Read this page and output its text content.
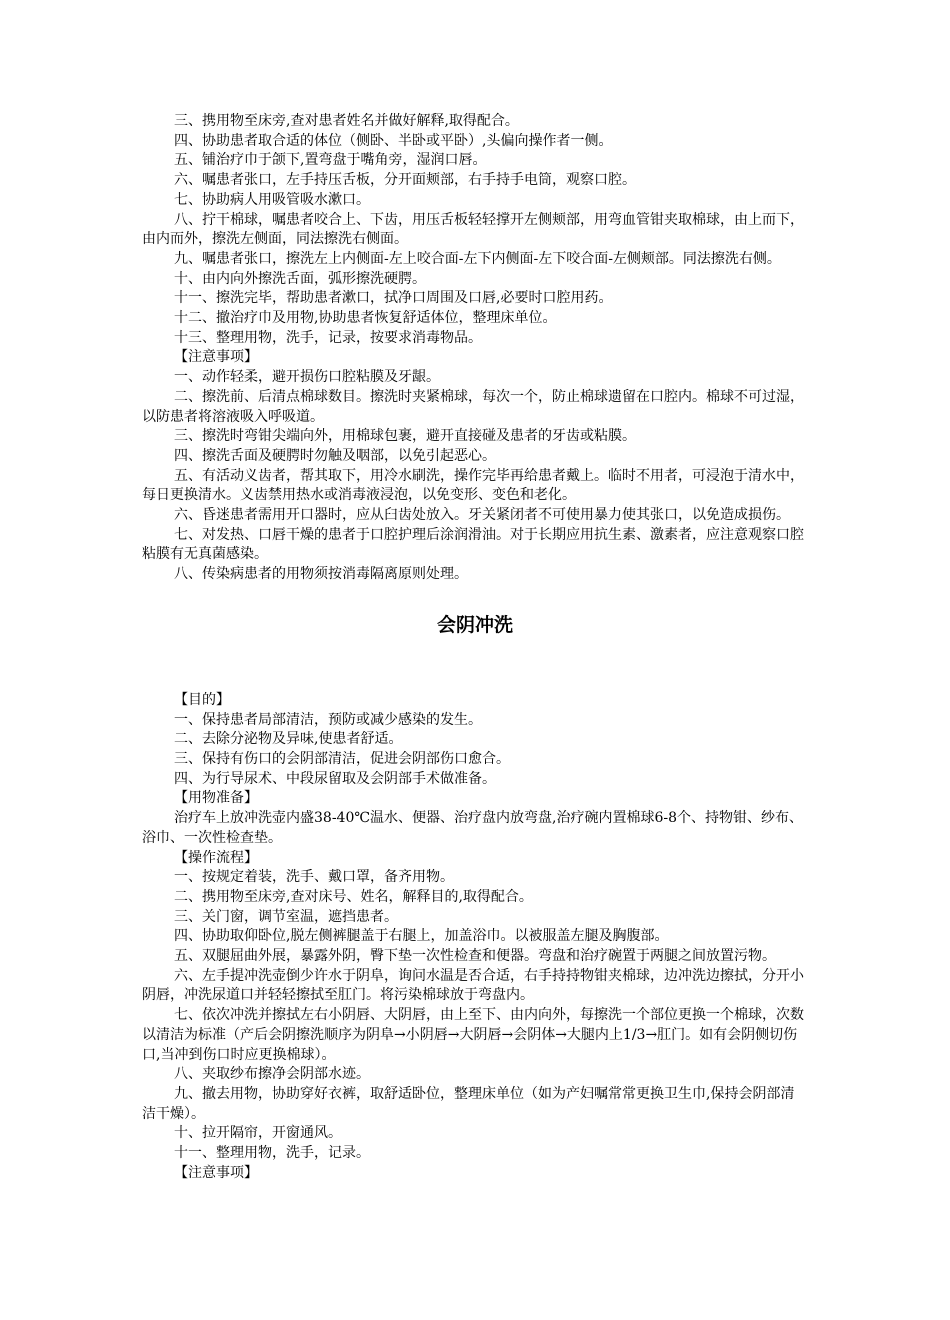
三、携用物至床旁,查对患者姓名并做好解释,取得配合。

四、协助患者取合适的体位（侧卧、半卧或平卧）,头偏向操作者一侧。

五、铺治疗巾于颌下,置弯盘于嘴角旁，湿润口唇。

六、嘱患者张口，左手持压舌板，分开面颊部，右手持手电筒，观察口腔。

七、协助病人用吸管吸水漱口。

八、拧干棉球，嘱患者咬合上、下齿，用压舌板轻轻撑开左侧颊部，用弯血管钳夹取棉球，由上而下，由内而外，擦洗左侧面，同法擦洗右侧面。

九、嘱患者张口，擦洗左上内侧面-左上咬合面-左下内侧面-左下咬合面-左侧颊部。同法擦洗右侧。

十、由内向外擦洗舌面，弧形擦洗硬腭。

十一、擦洗完毕，帮助患者漱口，拭净口周围及口唇,必要时口腔用药。

十二、撤治疗巾及用物,协助患者恢复舒适体位，整理床单位。

十三、整理用物，洗手，记录，按要求消毒物品。

【注意事项】

一、动作轻柔，避开损伤口腔粘膜及牙龈。

二、擦洗前、后清点棉球数目。擦洗时夹紧棉球，每次一个，防止棉球遗留在口腔内。棉球不可过湿，以防患者将溶液吸入呼吸道。

三、擦洗时弯钳尖端向外，用棉球包裹，避开直接碰及患者的牙齿或粘膜。

四、擦洗舌面及硬腭时勿触及咽部，以免引起恶心。

五、有活动义齿者，帮其取下，用冷水刷洗，操作完毕再给患者戴上。临时不用者，可浸泡于清水中，每日更换清水。义齿禁用热水或消毒液浸泡，以免变形、变色和老化。

六、昏迷患者需用开口器时，应从臼齿处放入。牙关紧闭者不可使用暴力使其张口，以免造成损伤。

七、对发热、口唇干燥的患者于口腔护理后涂润滑油。对于长期应用抗生素、激素者，应注意观察口腔粘膜有无真菌感染。

八、传染病患者的用物须按消毒隔离原则处理。

会阴冲洗

【目的】

一、保持患者局部清洁，预防或减少感染的发生。

二、去除分泌物及异味,使患者舒适。

三、保持有伤口的会阴部清洁，促进会阴部伤口愈合。

四、为行导尿术、中段尿留取及会阴部手术做准备。

【用物准备】

治疗车上放冲洗壶内盛38-40℃温水、便器、治疗盘内放弯盘,治疗碗内置棉球6-8个、持物钳、纱布、浴巾、一次性检查垫。

【操作流程】

一、按规定着装，洗手、戴口罩，备齐用物。

二、携用物至床旁,查对床号、姓名，解释目的,取得配合。

三、关门窗，调节室温，遮挡患者。

四、协助取仰卧位,脱左侧裤腿盖于右腿上，加盖浴巾。以被服盖左腿及胸腹部。

五、双腿屈曲外展，暴露外阴，臀下垫一次性检查和便器。弯盘和治疗碗置于两腿之间放置污物。

六、左手提冲洗壶倒少许水于阴阜，询问水温是否合适，右手持持物钳夹棉球，边冲洗边擦拭，分开小阴唇，冲洗尿道口并轻轻擦拭至肛门。将污染棉球放于弯盘内。

七、依次冲洗并擦拭左右小阴唇、大阴唇，由上至下、由内向外，每擦洗一个部位更换一个棉球，次数以清洁为标准（产后会阴擦洗顺序为阴阜→小阴唇→大阴唇→会阴体→大腿内上1/3→肛门。如有会阴侧切伤口,当冲到伤口时应更换棉球）。

八、夹取纱布擦净会阴部水迹。

九、撤去用物，协助穿好衣裤，取舒适卧位，整理床单位（如为产妇嘱常常更换卫生巾,保持会阴部清洁干燥）。

十、拉开隔帘，开窗通风。

十一、整理用物，洗手，记录。

【注意事项】
